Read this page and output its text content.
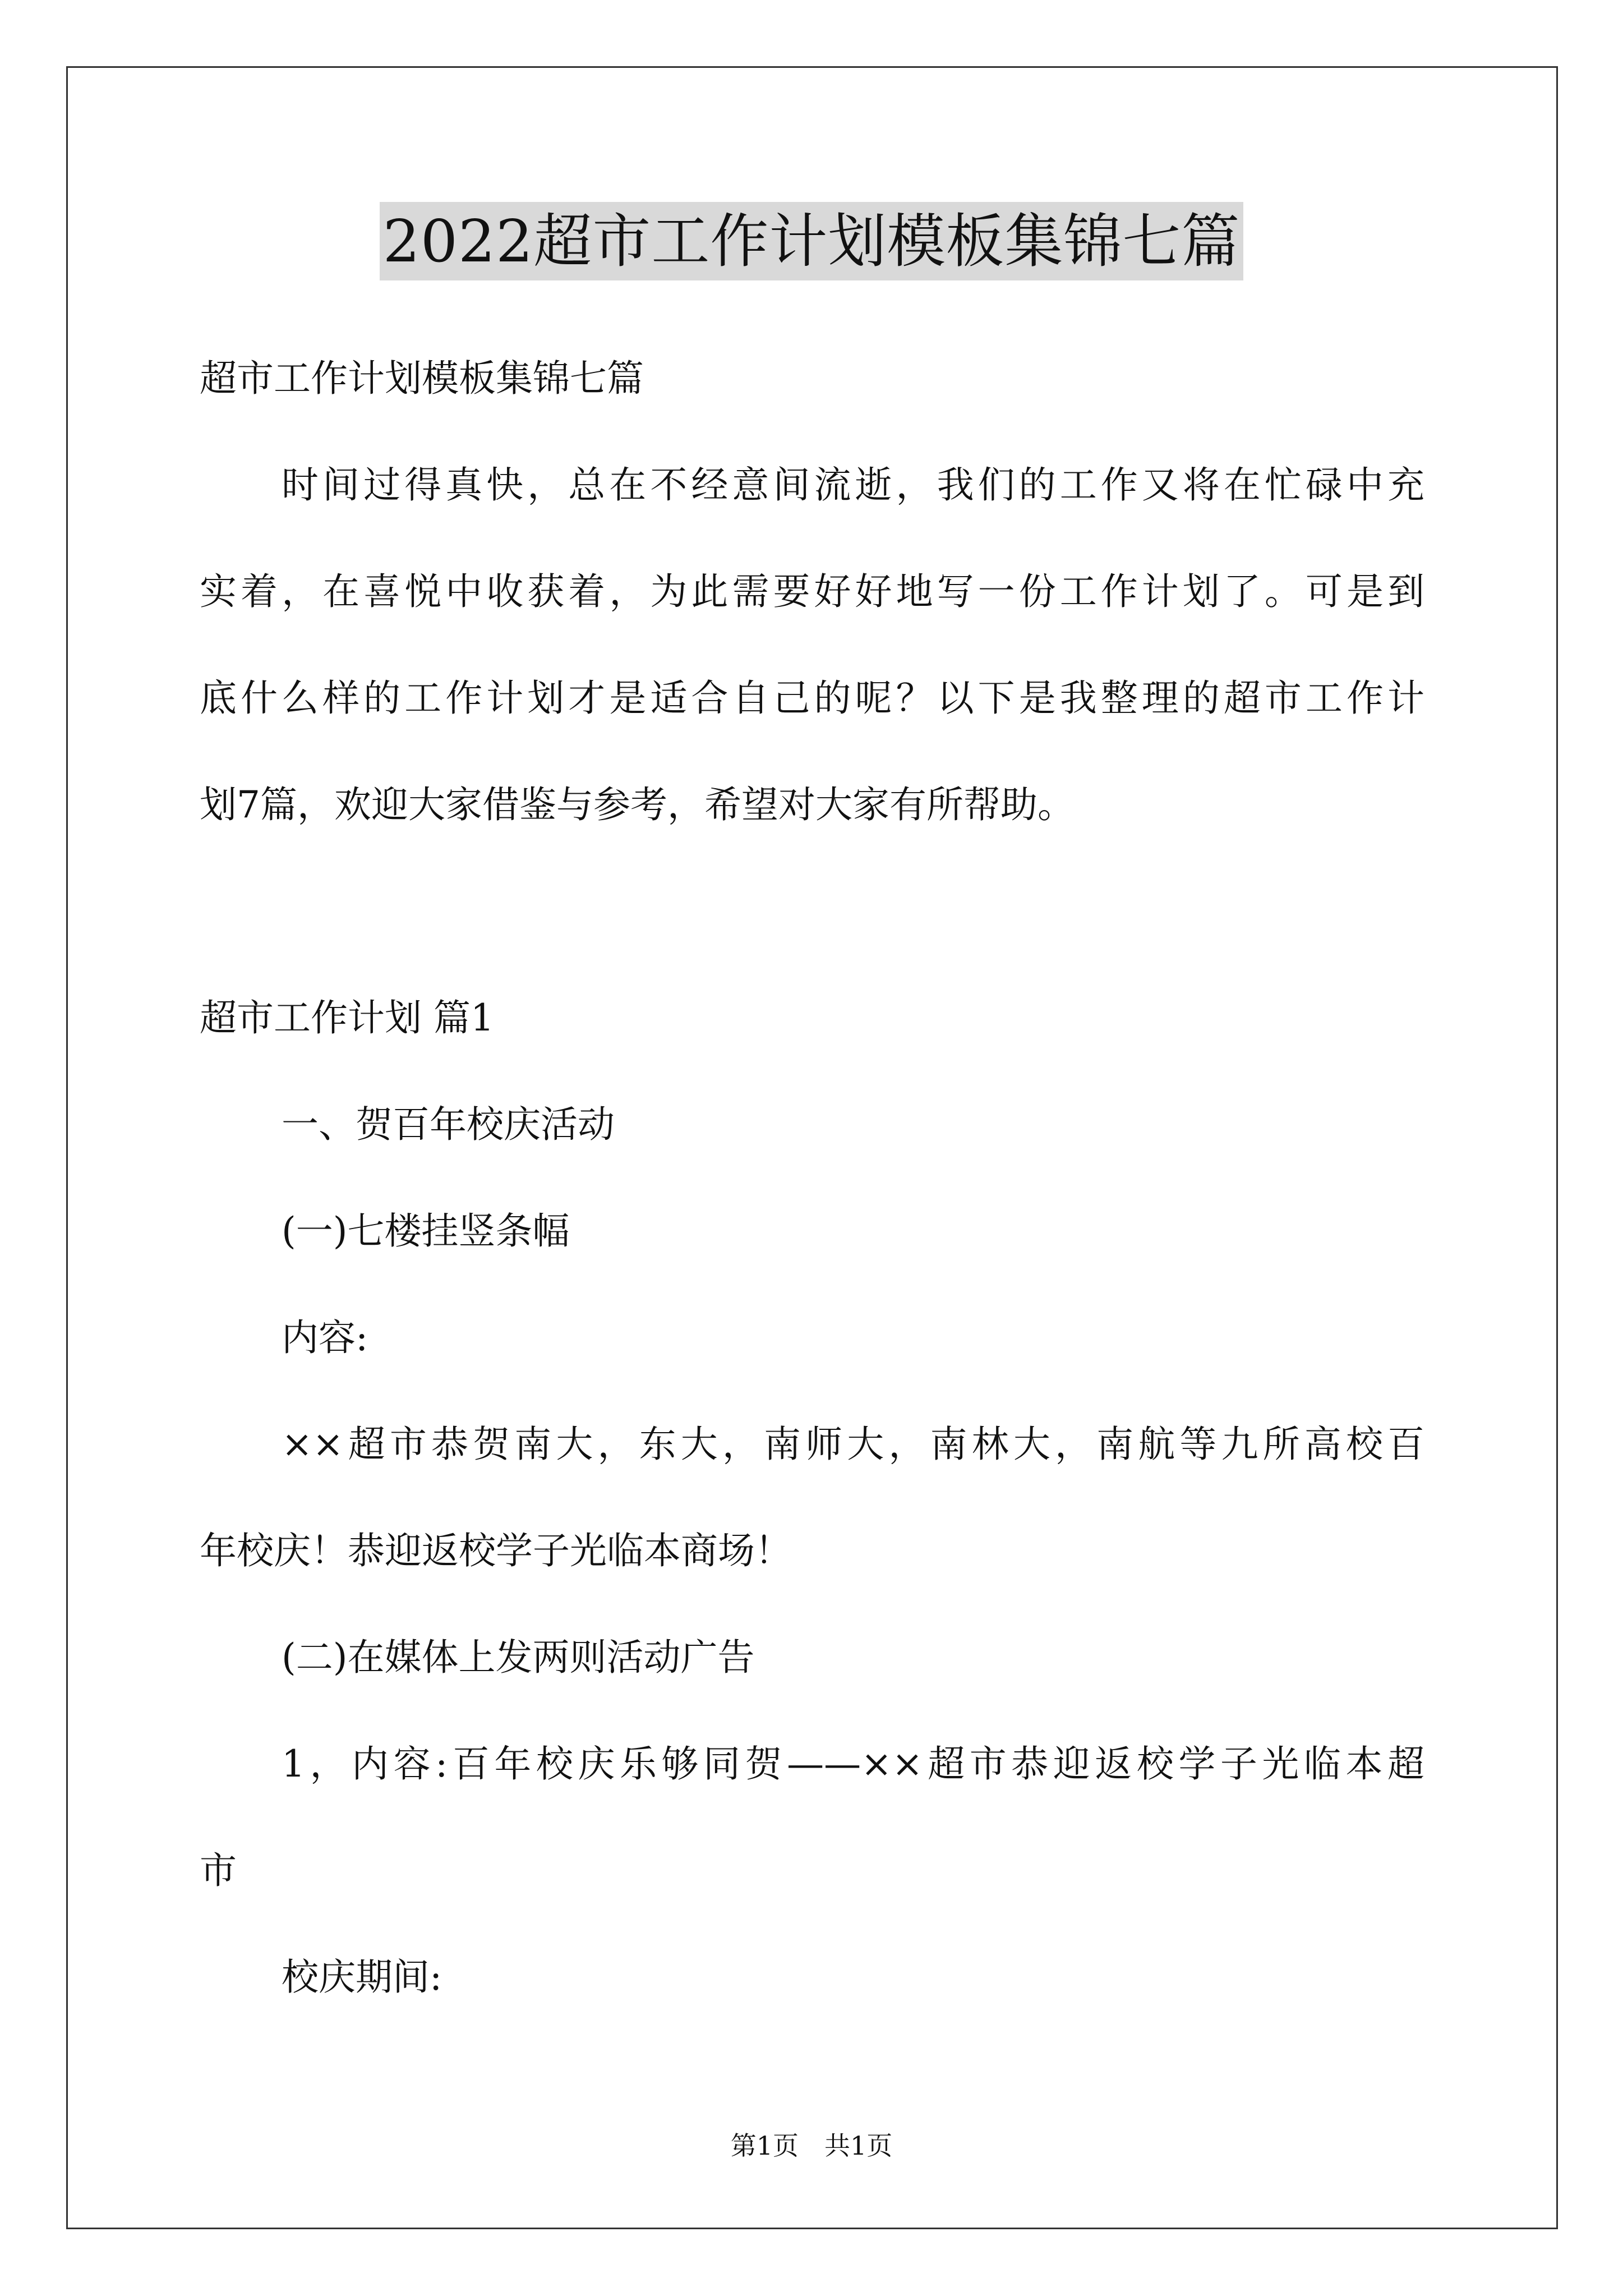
2022超市工作计划模板集锦七篇
超市工作计划模板集锦七篇
时间过得真快，总在不经意间流逝，我们的工作又将在忙碌中充
实着，在喜悦中收获着，为此需要好好地写一份工作计划了。可是到
底什么样的工作计划才是适合自己的呢？以下是我整理的超市工作计
划7篇，欢迎大家借鉴与参考，希望对大家有所帮助。
超市工作计划 篇1
一、贺百年校庆活动
(一)七楼挂竖条幅
内容:
××超市恭贺南大，东大，南师大，南林大，南航等九所高校百
年校庆！恭迎返校学子光临本商场！
(二)在媒体上发两则活动广告
1，内容:百年校庆乐够同贺——××超市恭迎返校学子光临本超
市
校庆期间:
第1页　共1页
